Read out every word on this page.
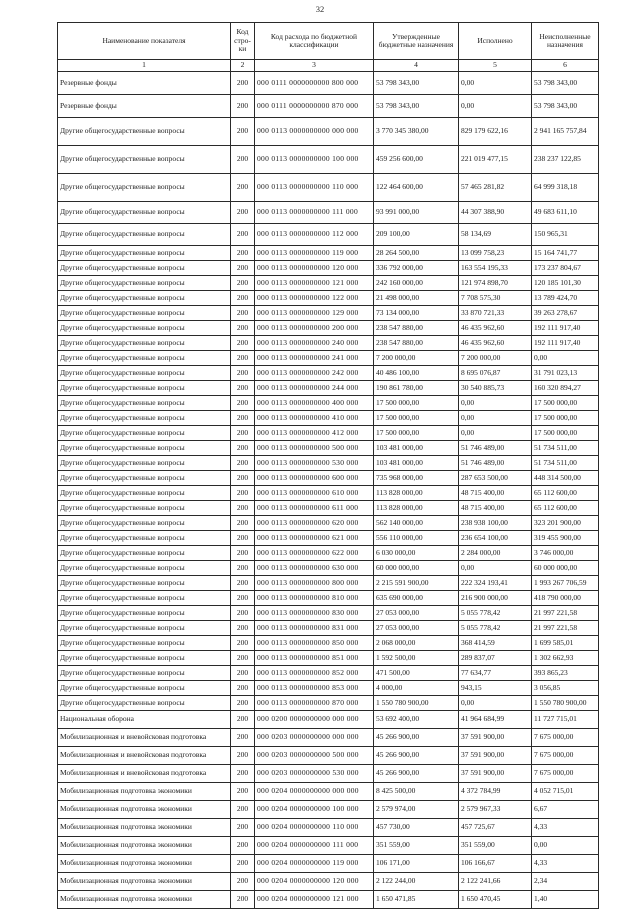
32
Наименование показателя	Код стро-ки	Код расхода по бюджетной классификации	Утвержденные бюджетные назначения	Исполнено	Неисполненные назначения
1	2	3	4	5	6
Резервные фонды	200	000 0111 0000000000 800 000	53 798 343,00	0,00	53 798 343,00
Резервные фонды	200	000 0111 0000000000 870 000	53 798 343,00	0,00	53 798 343,00
Другие общегосударственные вопросы	200	000 0113 0000000000 000 000	3 770 345 380,00	829 179 622,16	2 941 165 757,84
Другие общегосударственные вопросы	200	000 0113 0000000000 100 000	459 256 600,00	221 019 477,15	238 237 122,85
Другие общегосударственные вопросы	200	000 0113 0000000000 110 000	122 464 600,00	57 465 281,82	64 999 318,18
Другие общегосударственные вопросы	200	000 0113 0000000000 111 000	93 991 000,00	44 307 388,90	49 683 611,10
Другие общегосударственные вопросы	200	000 0113 0000000000 112 000	209 100,00	58 134,69	150 965,31
Другие общегосударственные вопросы	200	000 0113 0000000000 119 000	28 264 500,00	13 099 758,23	15 164 741,77
Другие общегосударственные вопросы	200	000 0113 0000000000 120 000	336 792 000,00	163 554 195,33	173 237 804,67
Другие общегосударственные вопросы	200	000 0113 0000000000 121 000	242 160 000,00	121 974 898,70	120 185 101,30
Другие общегосударственные вопросы	200	000 0113 0000000000 122 000	21 498 000,00	7 708 575,30	13 789 424,70
Другие общегосударственные вопросы	200	000 0113 0000000000 129 000	73 134 000,00	33 870 721,33	39 263 278,67
Другие общегосударственные вопросы	200	000 0113 0000000000 200 000	238 547 880,00	46 435 962,60	192 111 917,40
Другие общегосударственные вопросы	200	000 0113 0000000000 240 000	238 547 880,00	46 435 962,60	192 111 917,40
Другие общегосударственные вопросы	200	000 0113 0000000000 241 000	7 200 000,00	7 200 000,00	0,00
Другие общегосударственные вопросы	200	000 0113 0000000000 242 000	40 486 100,00	8 695 076,87	31 791 023,13
Другие общегосударственные вопросы	200	000 0113 0000000000 244 000	190 861 780,00	30 540 885,73	160 320 894,27
Другие общегосударственные вопросы	200	000 0113 0000000000 400 000	17 500 000,00	0,00	17 500 000,00
Другие общегосударственные вопросы	200	000 0113 0000000000 410 000	17 500 000,00	0,00	17 500 000,00
Другие общегосударственные вопросы	200	000 0113 0000000000 412 000	17 500 000,00	0,00	17 500 000,00
Другие общегосударственные вопросы	200	000 0113 0000000000 500 000	103 481 000,00	51 746 489,00	51 734 511,00
Другие общегосударственные вопросы	200	000 0113 0000000000 530 000	103 481 000,00	51 746 489,00	51 734 511,00
Другие общегосударственные вопросы	200	000 0113 0000000000 600 000	735 968 000,00	287 653 500,00	448 314 500,00
Другие общегосударственные вопросы	200	000 0113 0000000000 610 000	113 828 000,00	48 715 400,00	65 112 600,00
Другие общегосударственные вопросы	200	000 0113 0000000000 611 000	113 828 000,00	48 715 400,00	65 112 600,00
Другие общегосударственные вопросы	200	000 0113 0000000000 620 000	562 140 000,00	238 938 100,00	323 201 900,00
Другие общегосударственные вопросы	200	000 0113 0000000000 621 000	556 110 000,00	236 654 100,00	319 455 900,00
Другие общегосударственные вопросы	200	000 0113 0000000000 622 000	6 030 000,00	2 284 000,00	3 746 000,00
Другие общегосударственные вопросы	200	000 0113 0000000000 630 000	60 000 000,00	0,00	60 000 000,00
Другие общегосударственные вопросы	200	000 0113 0000000000 800 000	2 215 591 900,00	222 324 193,41	1 993 267 706,59
Другие общегосударственные вопросы	200	000 0113 0000000000 810 000	635 690 000,00	216 900 000,00	418 790 000,00
Другие общегосударственные вопросы	200	000 0113 0000000000 830 000	27 053 000,00	5 055 778,42	21 997 221,58
Другие общегосударственные вопросы	200	000 0113 0000000000 831 000	27 053 000,00	5 055 778,42	21 997 221,58
Другие общегосударственные вопросы	200	000 0113 0000000000 850 000	2 068 000,00	368 414,59	1 699 585,01
Другие общегосударственные вопросы	200	000 0113 0000000000 851 000	1 592 500,00	289 837,07	1 302 662,93
Другие общегосударственные вопросы	200	000 0113 0000000000 852 000	471 500,00	77 634,77	393 865,23
Другие общегосударственные вопросы	200	000 0113 0000000000 853 000	4 000,00	943,15	3 056,85
Другие общегосударственные вопросы	200	000 0113 0000000000 870 000	1 550 780 900,00	0,00	1 550 780 900,00
Национальная оборона	200	000 0200 0000000000 000 000	53 692 400,00	41 964 684,99	11 727 715,01
Мобилизационная и вневойсковая подготовка	200	000 0203 0000000000 000 000	45 266 900,00	37 591 900,00	7 675 000,00
Мобилизационная и вневойсковая подготовка	200	000 0203 0000000000 500 000	45 266 900,00	37 591 900,00	7 675 000,00
Мобилизационная и вневойсковая подготовка	200	000 0203 0000000000 530 000	45 266 900,00	37 591 900,00	7 675 000,00
Мобилизационная подготовка экономики	200	000 0204 0000000000 000 000	8 425 500,00	4 372 784,99	4 052 715,01
Мобилизационная подготовка экономики	200	000 0204 0000000000 100 000	2 579 974,00	2 579 967,33	6,67
Мобилизационная подготовка экономики	200	000 0204 0000000000 110 000	457 730,00	457 725,67	4,33
Мобилизационная подготовка экономики	200	000 0204 0000000000 111 000	351 559,00	351 559,00	0,00
Мобилизационная подготовка экономики	200	000 0204 0000000000 119 000	106 171,00	106 166,67	4,33
Мобилизационная подготовка экономики	200	000 0204 0000000000 120 000	2 122 244,00	2 122 241,66	2,34
Мобилизационная подготовка экономики	200	000 0204 0000000000 121 000	1 650 471,85	1 650 470,45	1,40
